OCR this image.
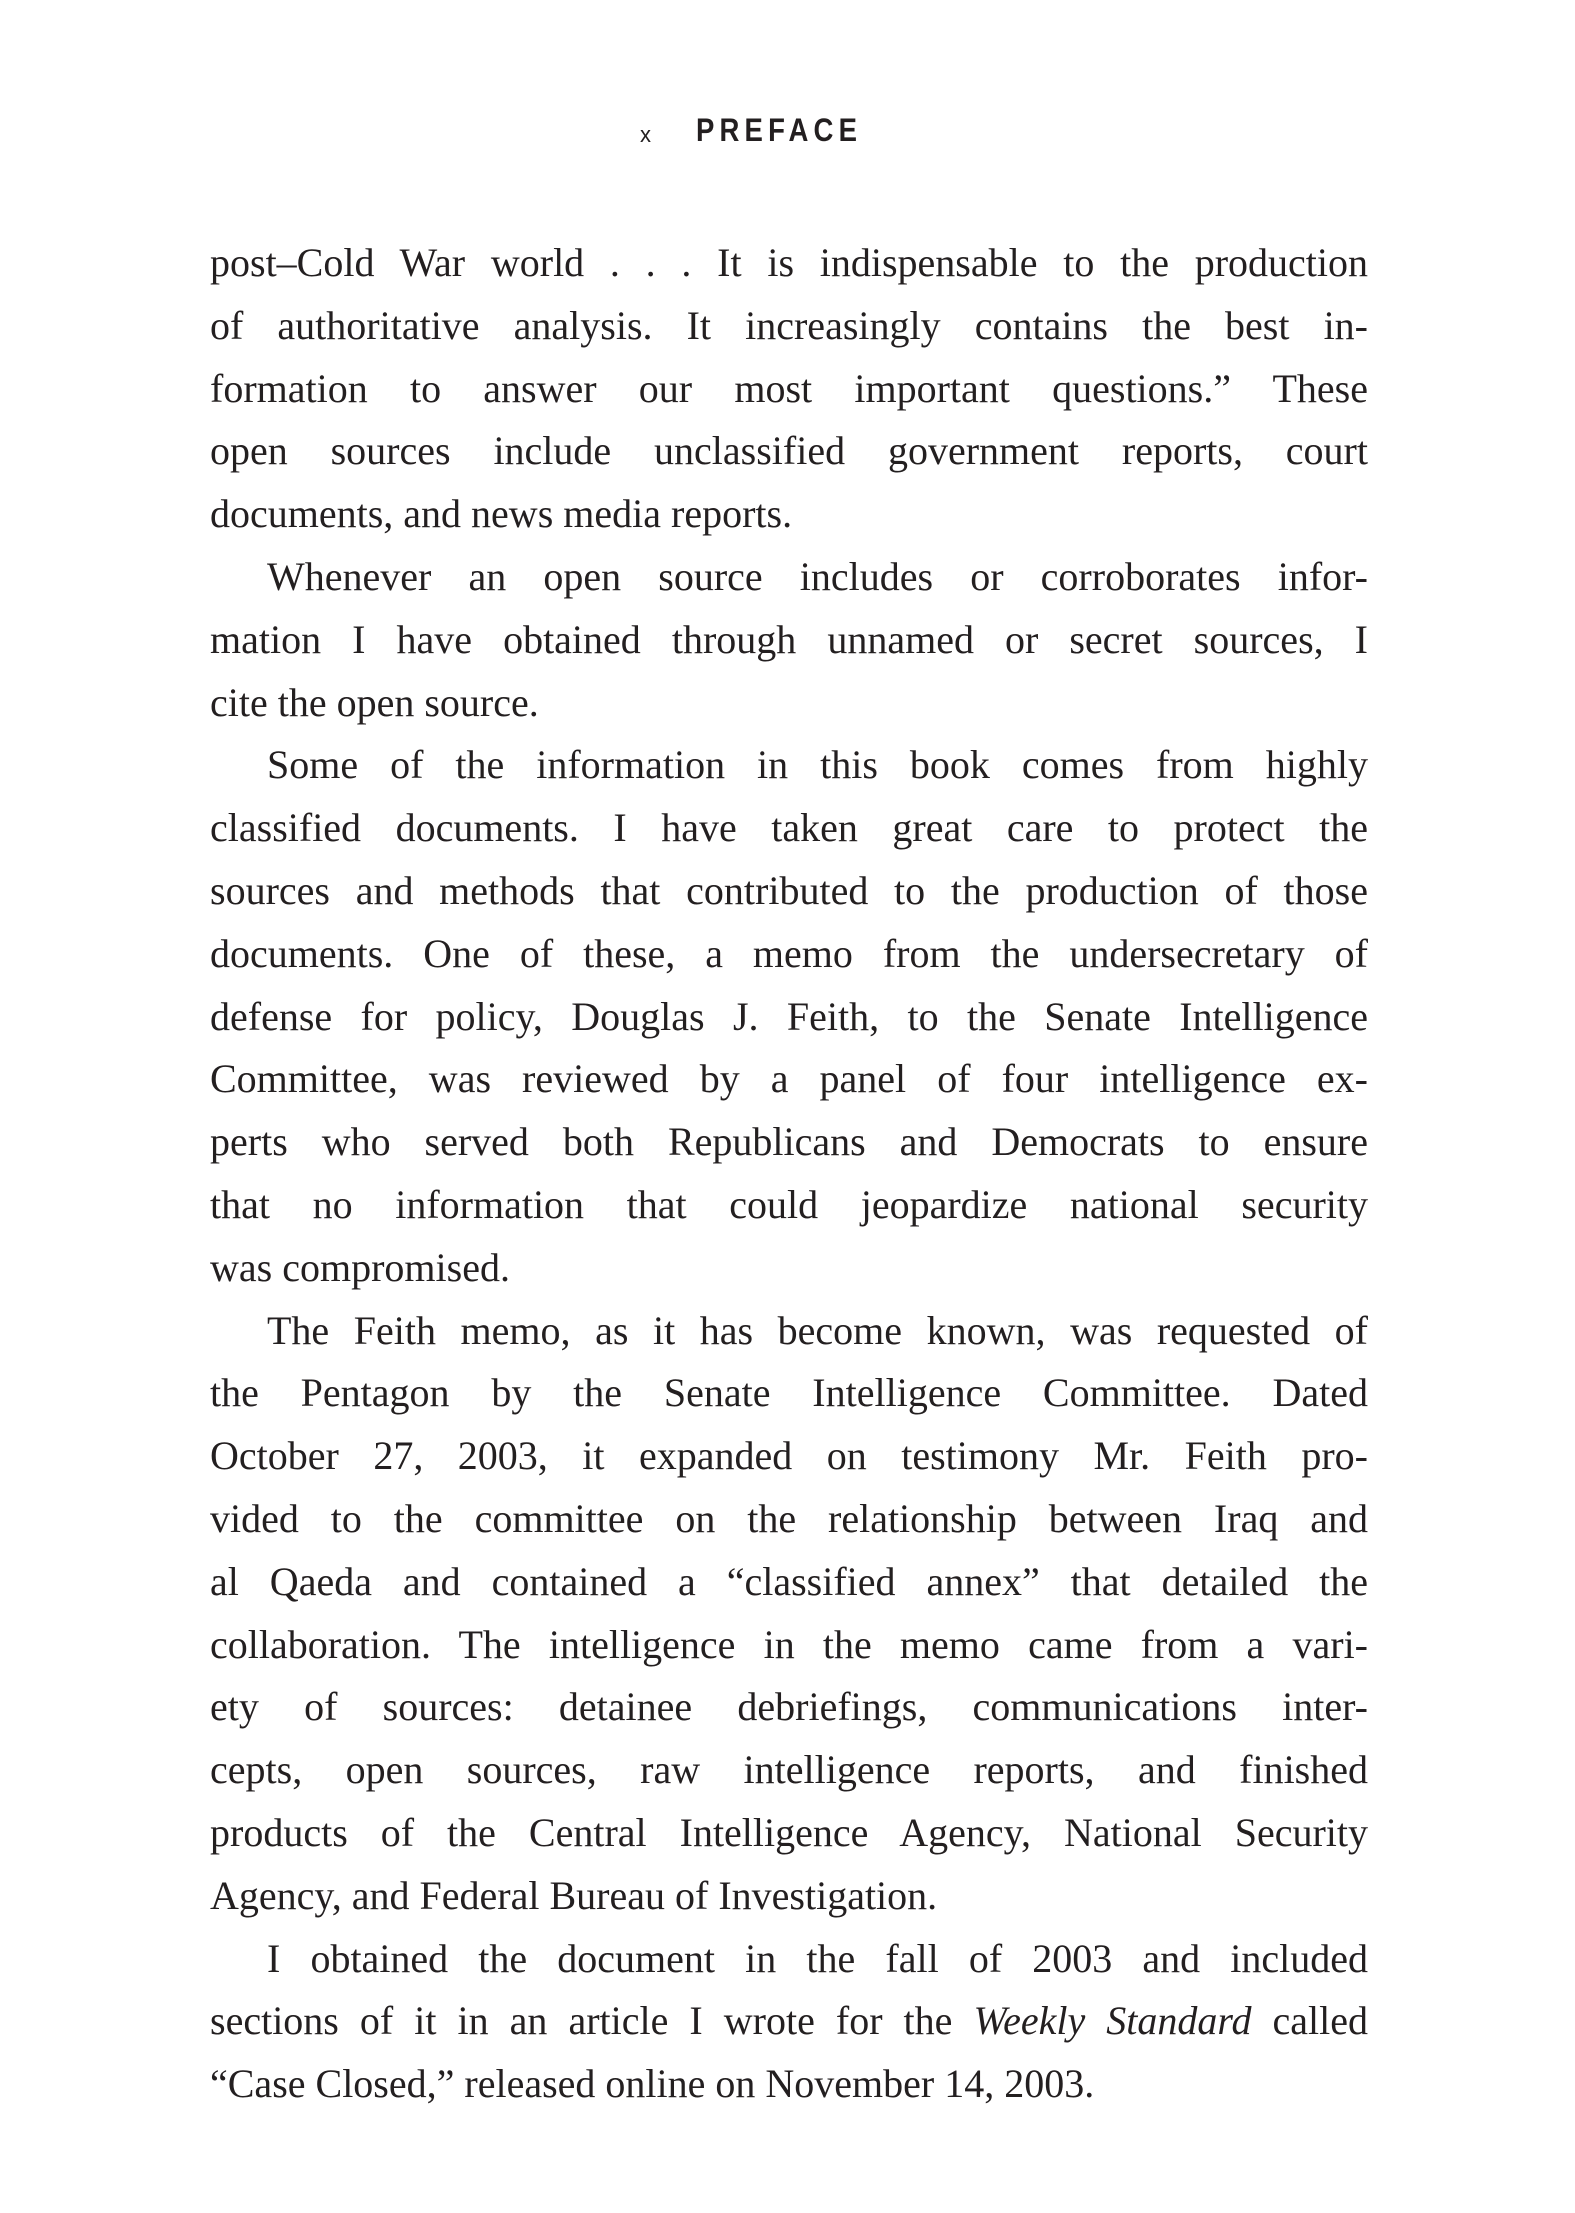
x PREFACE
post–Cold War world . . . It is indispensable to the production
of authoritative analysis. It increasingly contains the best in-
formation to answer our most important questions.” These
open sources include unclassified government reports, court
documents, and news media reports.
Whenever an open source includes or corroborates infor-
mation I have obtained through unnamed or secret sources, I
cite the open source.
Some of the information in this book comes from highly
classified documents. I have taken great care to protect the
sources and methods that contributed to the production of those
documents. One of these, a memo from the undersecretary of
defense for policy, Douglas J. Feith, to the Senate Intelligence
Committee, was reviewed by a panel of four intelligence ex-
perts who served both Republicans and Democrats to ensure
that no information that could jeopardize national security
was compromised.
The Feith memo, as it has become known, was requested of
the Pentagon by the Senate Intelligence Committee. Dated
October 27, 2003, it expanded on testimony Mr. Feith pro-
vided to the committee on the relationship between Iraq and
al Qaeda and contained a “classified annex” that detailed the
collaboration. The intelligence in the memo came from a vari-
ety of sources: detainee debriefings, communications inter-
cepts, open sources, raw intelligence reports, and finished
products of the Central Intelligence Agency, National Security
Agency, and Federal Bureau of Investigation.
I obtained the document in the fall of 2003 and included
sections of it in an article I wrote for the Weekly Standard called
“Case Closed,” released online on November 14, 2003.
